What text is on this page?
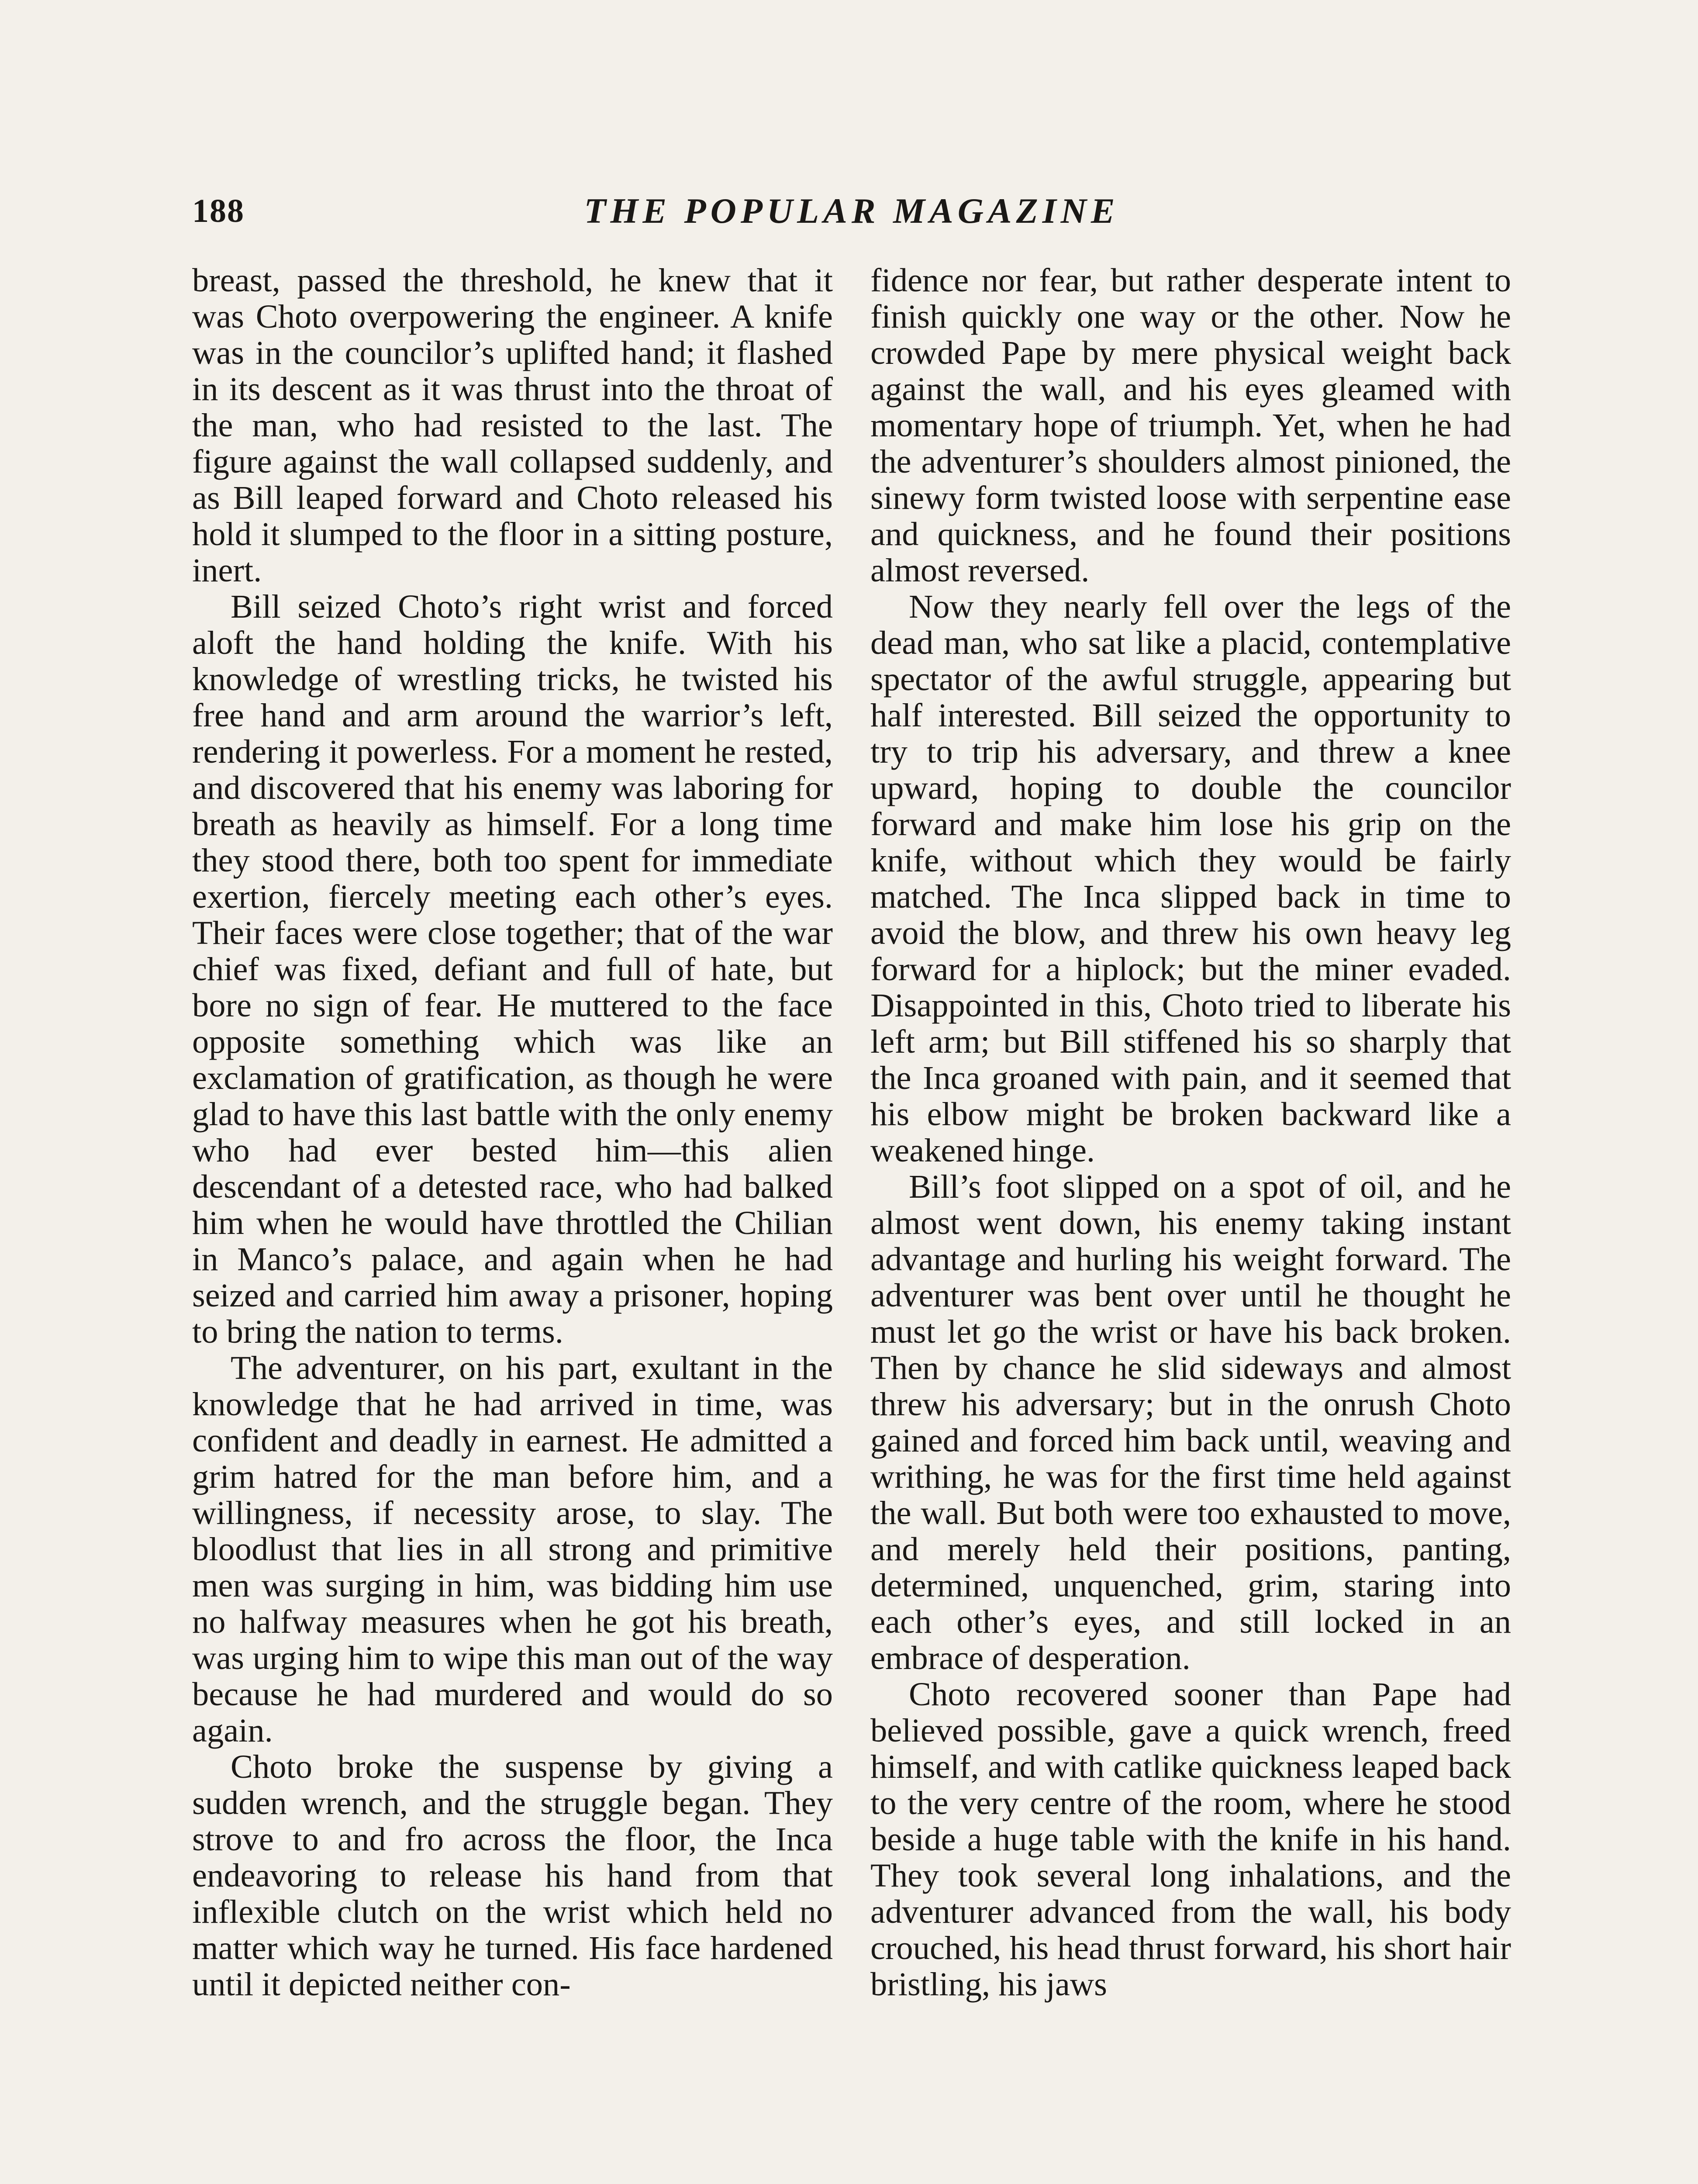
188	THE POPULAR MAGAZINE

breast, passed the threshold, he knew that it was Choto overpowering the engineer. A knife was in the councilor’s uplifted hand; it flashed in its descent as it was thrust into the throat of the man, who had resisted to the last. The figure against the wall collapsed suddenly, and as Bill leaped forward and Choto released his hold it slumped to the floor in a sitting posture, inert.

Bill seized Choto’s right wrist and forced aloft the hand holding the knife. With his knowledge of wrestling tricks, he twisted his free hand and arm around the warrior’s left, rendering it powerless. For a moment he rested, and discovered that his enemy was laboring for breath as heavily as himself. For a long time they stood there, both too spent for immediate exertion, fiercely meeting each other’s eyes. Their faces were close together; that of the war chief was fixed, defiant and full of hate, but bore no sign of fear. He muttered to the face opposite something which was like an exclamation of gratification, as though he were glad to have this last battle with the only enemy who had ever bested him—this alien descendant of a detested race, who had balked him when he would have throttled the Chilian in Manco’s palace, and again when he had seized and carried him away a prisoner, hoping to bring the nation to terms.

The adventurer, on his part, exultant in the knowledge that he had arrived in time, was confident and deadly in earnest. He admitted a grim hatred for the man before him, and a willingness, if necessity arose, to slay. The bloodlust that lies in all strong and primitive men was surging in him, was bidding him use no halfway measures when he got his breath, was urging him to wipe this man out of the way because he had murdered and would do so again.

Choto broke the suspense by giving a sudden wrench, and the struggle began. They strove to and fro across the floor, the Inca endeavoring to release his hand from that inflexible clutch on the wrist which held no matter which way he turned. His face hardened until it depicted neither con-

fidence nor fear, but rather desperate intent to finish quickly one way or the other. Now he crowded Pape by mere physical weight back against the wall, and his eyes gleamed with momentary hope of triumph. Yet, when he had the adventurer’s shoulders almost pinioned, the sinewy form twisted loose with serpentine ease and quickness, and he found their positions almost reversed.

Now they nearly fell over the legs of the dead man, who sat like a placid, contemplative spectator of the awful struggle, appearing but half interested. Bill seized the opportunity to try to trip his adversary, and threw a knee upward, hoping to double the councilor forward and make him lose his grip on the knife, without which they would be fairly matched. The Inca slipped back in time to avoid the blow, and threw his own heavy leg forward for a hiplock; but the miner evaded. Disappointed in this, Choto tried to liberate his left arm; but Bill stiffened his so sharply that the Inca groaned with pain, and it seemed that his elbow might be broken backward like a weakened hinge.

Bill’s foot slipped on a spot of oil, and he almost went down, his enemy taking instant advantage and hurling his weight forward. The adventurer was bent over until he thought he must let go the wrist or have his back broken. Then by chance he slid sideways and almost threw his adversary; but in the onrush Choto gained and forced him back until, weaving and writhing, he was for the first time held against the wall. But both were too exhausted to move, and merely held their positions, panting, determined, unquenched, grim, staring into each other’s eyes, and still locked in an embrace of desperation.

Choto recovered sooner than Pape had believed possible, gave a quick wrench, freed himself, and with catlike quickness leaped back to the very centre of the room, where he stood beside a huge table with the knife in his hand. They took several long inhalations, and the adventurer advanced from the wall, his body crouched, his head thrust forward, his short hair bristling, his jaws
